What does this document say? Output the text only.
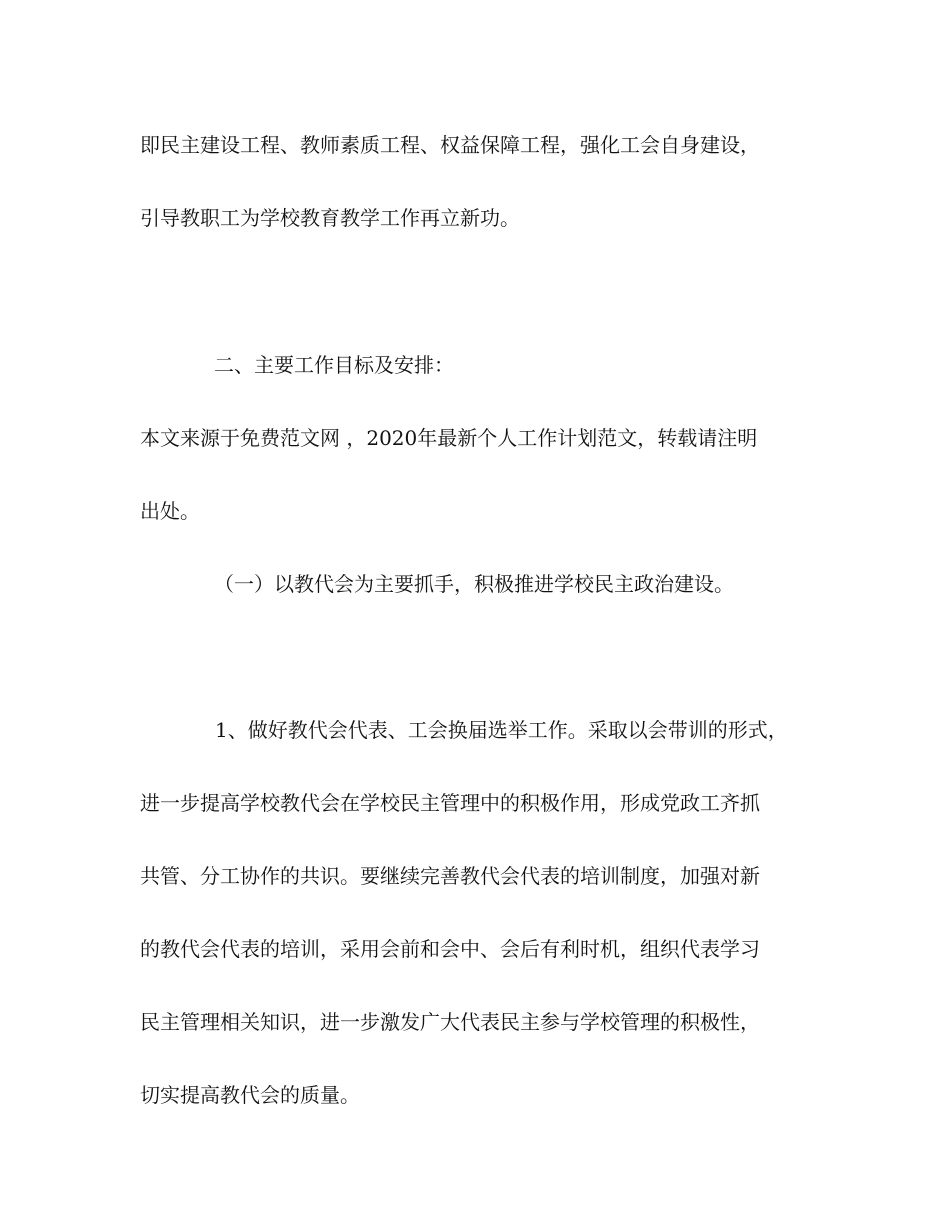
即民主建设工程、教师素质工程、权益保障工程，强化工会自身建设，
引导教职工为学校教育教学工作再立新功。
二、主要工作目标及安排：
本文来源于免费范文网 ，2020年最新个人工作计划范文，转载请注明
出处。
（一）以教代会为主要抓手，积极推进学校民主政治建设。
1、做好教代会代表、工会换届选举工作。采取以会带训的形式，
进一步提高学校教代会在学校民主管理中的积极作用，形成党政工齐抓
共管、分工协作的共识。要继续完善教代会代表的培训制度，加强对新
的教代会代表的培训，采用会前和会中、会后有利时机，组织代表学习
民主管理相关知识，进一步激发广大代表民主参与学校管理的积极性，
切实提高教代会的质量。
